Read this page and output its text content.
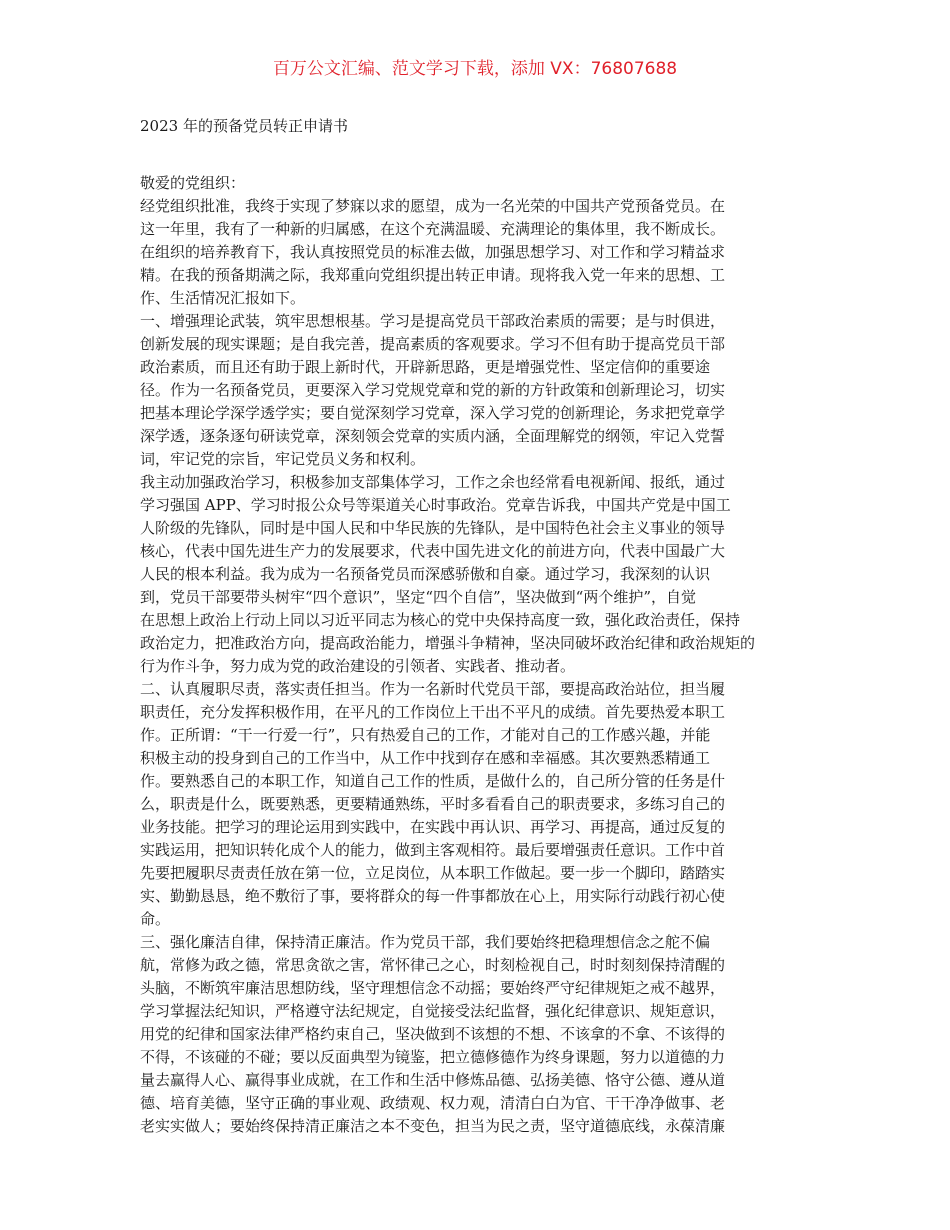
百万公文汇编、范文学习下载，添加 VX：76807688
2023 年的预备党员转正申请书
敬爱的党组织：
经党组织批准，我终于实现了梦寐以求的愿望，成为一名光荣的中国共产党预备党员。在
这一年里，我有了一种新的归属感，在这个充满温暖、充满理论的集体里，我不断成长。
在组织的培养教育下，我认真按照党员的标准去做，加强思想学习、对工作和学习精益求
精。在我的预备期满之际，我郑重向党组织提出转正申请。现将我入党一年来的思想、工
作、生活情况汇报如下。
一、增强理论武装，筑牢思想根基。学习是提高党员干部政治素质的需要；是与时俱进，
创新发展的现实课题；是自我完善，提高素质的客观要求。学习不但有助于提高党员干部
政治素质，而且还有助于跟上新时代，开辟新思路，更是增强党性、坚定信仰的重要途
径。作为一名预备党员，更要深入学习党规党章和党的新的方针政策和创新理论习，切实
把基本理论学深学透学实；要自觉深刻学习党章，深入学习党的创新理论，务求把党章学
深学透，逐条逐句研读党章，深刻领会党章的实质内涵，全面理解党的纲领，牢记入党誓
词，牢记党的宗旨，牢记党员义务和权利。
我主动加强政治学习，积极参加支部集体学习，工作之余也经常看电视新闻、报纸，通过
学习强国 APP、学习时报公众号等渠道关心时事政治。党章告诉我，中国共产党是中国工
人阶级的先锋队，同时是中国人民和中华民族的先锋队，是中国特色社会主义事业的领导
核心，代表中国先进生产力的发展要求，代表中国先进文化的前进方向，代表中国最广大
人民的根本利益。我为成为一名预备党员而深感骄傲和自豪。通过学习，我深刻的认识
到，党员干部要带头树牢“四个意识”，坚定“四个自信”，坚决做到“两个维护”，自觉
在思想上政治上行动上同以习近平同志为核心的党中央保持高度一致，强化政治责任，保持
政治定力，把准政治方向，提高政治能力，增强斗争精神，坚决同破坏政治纪律和政治规矩的
行为作斗争，努力成为党的政治建设的引领者、实践者、推动者。
二、认真履职尽责，落实责任担当。作为一名新时代党员干部，要提高政治站位，担当履
职责任，充分发挥积极作用，在平凡的工作岗位上干出不平凡的成绩。首先要热爱本职工
作。正所谓：“干一行爱一行”，只有热爱自己的工作，才能对自己的工作感兴趣，并能
积极主动的投身到自己的工作当中，从工作中找到存在感和幸福感。其次要熟悉精通工
作。要熟悉自己的本职工作，知道自己工作的性质，是做什么的，自己所分管的任务是什
么，职责是什么，既要熟悉，更要精通熟练，平时多看看自己的职责要求，多练习自己的
业务技能。把学习的理论运用到实践中，在实践中再认识、再学习、再提高，通过反复的
实践运用，把知识转化成个人的能力，做到主客观相符。最后要增强责任意识。工作中首
先要把履职尽责责任放在第一位，立足岗位，从本职工作做起。要一步一个脚印，踏踏实
实、勤勤恳恳，绝不敷衍了事，要将群众的每一件事都放在心上，用实际行动践行初心使
命。
三、强化廉洁自律，保持清正廉洁。作为党员干部，我们要始终把稳理想信念之舵不偏
航，常修为政之德，常思贪欲之害，常怀律己之心，时刻检视自己，时时刻刻保持清醒的
头脑，不断筑牢廉洁思想防线，坚守理想信念不动摇；要始终严守纪律规矩之戒不越界，
学习掌握法纪知识，严格遵守法纪规定，自觉接受法纪监督，强化纪律意识、规矩意识，
用党的纪律和国家法律严格约束自己，坚决做到不该想的不想、不该拿的不拿、不该得的
不得，不该碰的不碰；要以反面典型为镜鉴，把立德修德作为终身课题，努力以道德的力
量去赢得人心、赢得事业成就，在工作和生活中修炼品德、弘扬美德、恪守公德、遵从道
德、培育美德，坚守正确的事业观、政绩观、权力观，清清白白为官、干干净净做事、老
老实实做人；要始终保持清正廉洁之本不变色，担当为民之责，坚守道德底线，永葆清廉
